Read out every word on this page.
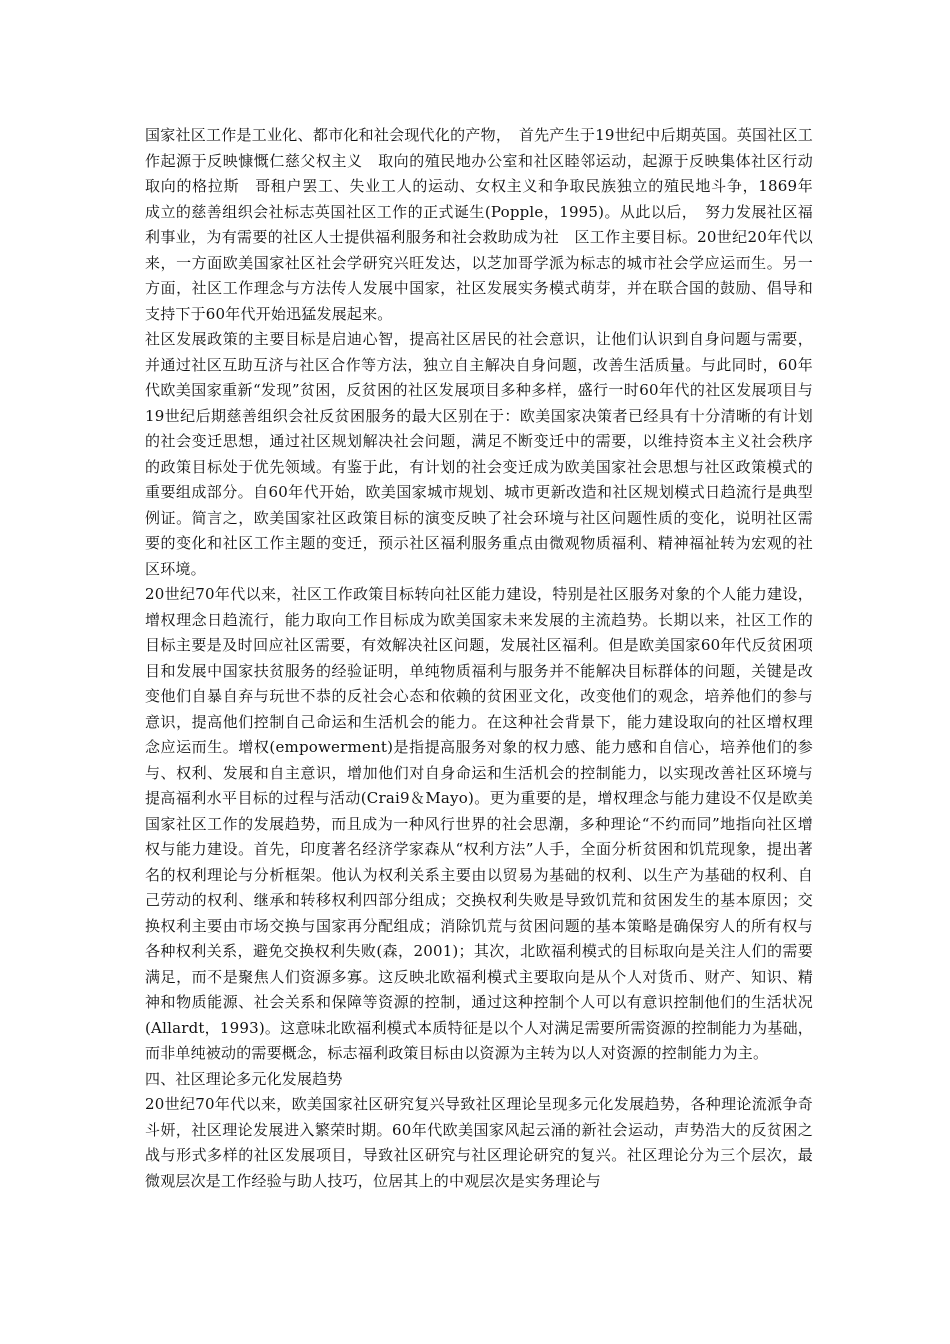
国家社区工作是工业化、都市化和社会现代化的产物，　首先产生于19世纪中后期英国。英国社区工作起源于反映慷慨仁慈父权主义　取向的殖民地办公室和社区睦邻运动，起源于反映集体社区行动取向的格拉斯　哥租户罢工、失业工人的运动、女权主义和争取民族独立的殖民地斗争，1869年　成立的慈善组织会社标志英国社区工作的正式诞生(Popple，1995)。从此以后，　努力发展社区福利事业，为有需要的社区人士提供福利服务和社会救助成为社　区工作主要目标。20世纪20年代以来，一方面欧美国家社区社会学研究兴旺发达，以芝加哥学派为标志的城市社会学应运而生。另一方面，社区工作理念与方法传人发展中国家，社区发展实务模式萌芽，并在联合国的鼓励、倡导和支持下于60年代开始迅猛发展起来。

社区发展政策的主要目标是启迪心智，提高社区居民的社会意识，让他们认识到自身问题与需要，并通过社区互助互济与社区合作等方法，独立自主解决自身问题，改善生活质量。与此同时，60年代欧美国家重新“发现”贫困，反贫困的社区发展项目多种多样，盛行一时60年代的社区发展项目与19世纪后期慈善组织会社反贫困服务的最大区别在于：欧美国家决策者已经具有十分清晰的有计划的社会变迁思想，通过社区规划解决社会问题，满足不断变迁中的需要，以维持资本主义社会秩序的政策目标处于优先领域。有鉴于此，有计划的社会变迁成为欧美国家社会思想与社区政策模式的重要组成部分。自60年代开始，欧美国家城市规划、城市更新改造和社区规划模式日趋流行是典型例证。简言之，欧美国家社区政策目标的演变反映了社会环境与社区问题性质的变化，说明社区需要的变化和社区工作主题的变迁，预示社区福利服务重点由微观物质福利、精神福祉转为宏观的社区环境。

20世纪70年代以来，社区工作政策目标转向社区能力建设，特别是社区服务对象的个人能力建设，增权理念日趋流行，能力取向工作目标成为欧美国家未来发展的主流趋势。长期以来，社区工作的目标主要是及时回应社区需要，有效解决社区问题，发展社区福利。但是欧美国家60年代反贫困项目和发展中国家扶贫服务的经验证明，单纯物质福利与服务并不能解决目标群体的问题，关键是改变他们自暴自弃与玩世不恭的反社会心态和依赖的贫困亚文化，改变他们的观念，培养他们的参与意识，提高他们控制自己命运和生活机会的能力。在这种社会背景下，能力建设取向的社区增权理念应运而生。增权(empowerment)是指提高服务对象的权力感、能力感和自信心，培养他们的参与、权利、发展和自主意识，增加他们对自身命运和生活机会的控制能力，以实现改善社区环境与提高福利水平目标的过程与活动(Crai9＆Mayo)。更为重要的是，增权理念与能力建设不仅是欧美国家社区工作的发展趋势，而且成为一种风行世界的社会思潮，多种理论“不约而同”地指向社区增权与能力建设。首先，印度著名经济学家森从“权利方法”人手，全面分析贫困和饥荒现象，提出著名的权利理论与分析框架。他认为权利关系主要由以贸易为基础的权利、以生产为基础的权利、自己劳动的权利、继承和转移权利四部分组成；交换权利失败是导致饥荒和贫困发生的基本原因；交换权利主要由市场交换与国家再分配组成；消除饥荒与贫困问题的基本策略是确保穷人的所有权与各种权利关系，避免交换权利失败(森，2001)；其次，北欧福利模式的目标取向是关注人们的需要满足，而不是聚焦人们资源多寡。这反映北欧福利模式主要取向是从个人对货币、财产、知识、精神和物质能源、社会关系和保障等资源的控制，通过这种控制个人可以有意识控制他们的生活状况(Allardt，1993)。这意味北欧福利模式本质特征是以个人对满足需要所需资源的控制能力为基础，而非单纯被动的需要概念，标志福利政策目标由以资源为主转为以人对资源的控制能力为主。

四、社区理论多元化发展趋势

20世纪70年代以来，欧美国家社区研究复兴导致社区理论呈现多元化发展趋势，各种理论流派争奇斗妍，社区理论发展进入繁荣时期。60年代欧美国家风起云涌的新社会运动，声势浩大的反贫困之战与形式多样的社区发展项目，导致社区研究与社区理论研究的复兴。社区理论分为三个层次，最微观层次是工作经验与助人技巧，位居其上的中观层次是实务理论与
